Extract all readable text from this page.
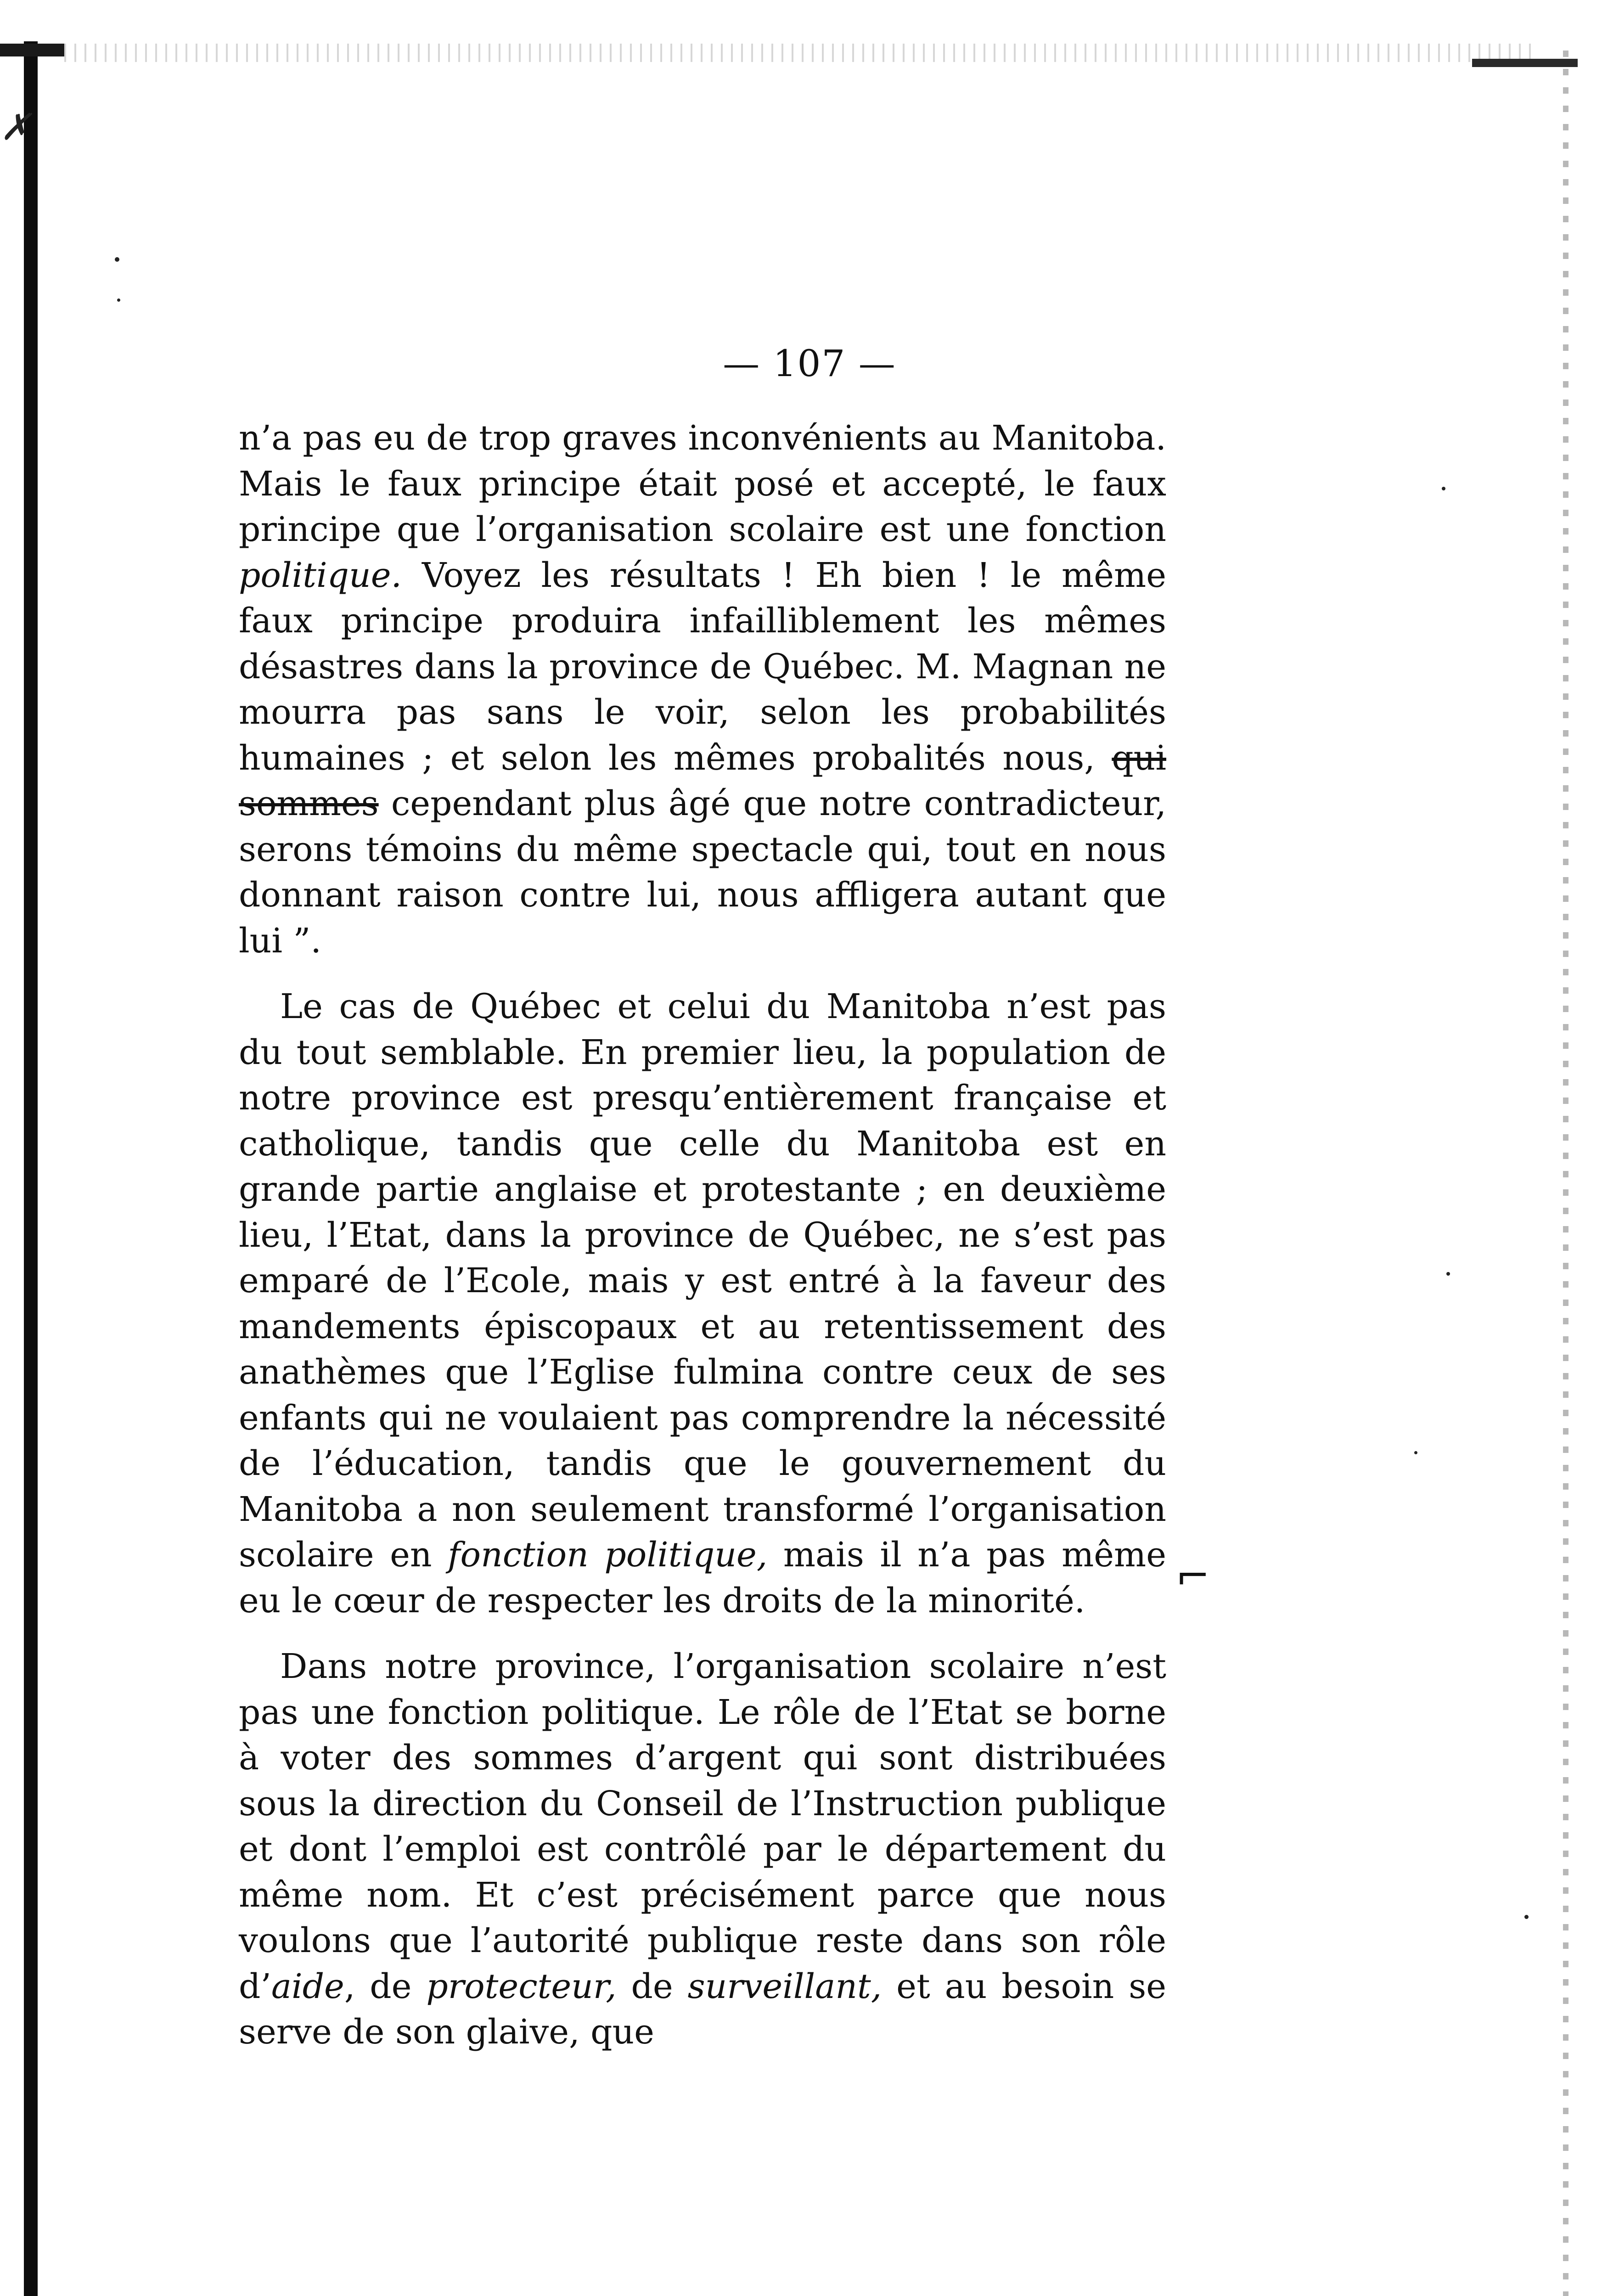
✗
⌐
— 107 —

n’a pas eu de trop graves inconvénients au Manitoba. Mais le faux principe était posé et accepté, le faux principe que l’organisation scolaire est une fonction politique. Voyez les résultats ! Eh bien ! le même faux principe produira infailliblement les mêmes désastres dans la province de Québec. M. Magnan ne mourra pas sans le voir, selon les probabilités humaines ; et selon les mêmes probalités nous, qui sommes cependant plus âgé que notre contradicteur, serons témoins du même spectacle qui, tout en nous donnant raison contre lui, nous affligera autant que lui ”.

Le cas de Québec et celui du Manitoba n’est pas du tout semblable. En premier lieu, la population de notre province est presqu’entièrement française et catholique, tandis que celle du Manitoba est en grande partie anglaise et protestante ; en deuxième lieu, l’Etat, dans la province de Québec, ne s’est pas emparé de l’Ecole, mais y est entré à la faveur des mandements épiscopaux et au retentissement des anathèmes que l’Eglise fulmina contre ceux de ses enfants qui ne voulaient pas comprendre la nécessité de l’éducation, tandis que le gouvernement du Manitoba a non seulement transformé l’organisation scolaire en fonction politique, mais il n’a pas même eu le cœur de respecter les droits de la minorité.

Dans notre province, l’organisation scolaire n’est pas une fonction politique. Le rôle de l’Etat se borne à voter des sommes d’argent qui sont distribuées sous la direction du Conseil de l’Instruction publique et dont l’emploi est contrôlé par le département du même nom. Et c’est précisément parce que nous voulons que l’autorité publique reste dans son rôle d’aide, de protecteur, de surveillant, et au besoin se serve de son glaive, que
